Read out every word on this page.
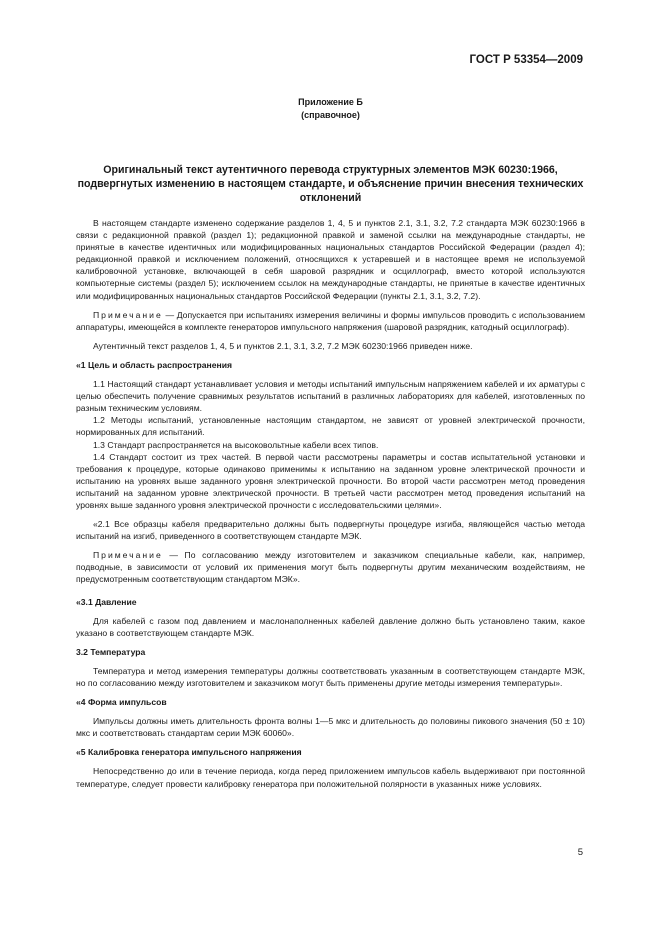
ГОСТ Р 53354—2009
Приложение Б
(справочное)
Оригинальный текст аутентичного перевода структурных элементов МЭК 60230:1966, подвергнутых изменению в настоящем стандарте, и объяснение причин внесения технических отклонений

В настоящем стандарте изменено содержание разделов 1, 4, 5 и пунктов 2.1, 3.1, 3.2, 7.2 стандарта МЭК 60230:1966 в связи с редакционной правкой (раздел 1); редакционной правкой и заменой ссылки на международные стандарты, не принятые в качестве идентичных или модифицированных национальных стандартов Российской Федерации (раздел 4); редакционной правкой и исключением положений, относящихся к устаревшей и в настоящее время не используемой калибровочной установке, включающей в себя шаровой разрядник и осциллограф, вместо которой используются компьютерные системы (раздел 5); исключением ссылок на международные стандарты, не принятые в качестве идентичных или модифицированных национальных стандартов Российской Федерации (пункты 2.1, 3.1, 3.2, 7.2).

Примечание — Допускается при испытаниях измерения величины и формы импульсов проводить с использованием аппаратуры, имеющейся в комплекте генераторов импульсного напряжения (шаровой разрядник, катодный осциллограф).

Аутентичный текст разделов 1, 4, 5 и пунктов 2.1, 3.1, 3.2, 7.2 МЭК 60230:1966 приведен ниже.

«1 Цель и область распространения

1.1 Настоящий стандарт устанавливает условия и методы испытаний импульсным напряжением кабелей и их арматуры с целью обеспечить получение сравнимых результатов испытаний в различных лабораториях для кабелей, изготовленных по разным техническим условиям.

1.2 Методы испытаний, установленные настоящим стандартом, не зависят от уровней электрической прочности, нормированных для испытаний.

1.3 Стандарт распространяется на высоковольтные кабели всех типов.

1.4 Стандарт состоит из трех частей. В первой части рассмотрены параметры и состав испытательной установки и требования к процедуре, которые одинаково применимы к испытанию на заданном уровне электрической прочности и испытанию на уровнях выше заданного уровня электрической прочности. Во второй части рассмотрен метод проведения испытаний на заданном уровне электрической прочности. В третьей части рассмотрен метод проведения испытаний на уровнях выше заданного уровня электрической прочности с исследовательскими целями».

«2.1 Все образцы кабеля предварительно должны быть подвергнуты процедуре изгиба, являющейся частью метода испытаний на изгиб, приведенного в соответствующем стандарте МЭК.

Примечание — По согласованию между изготовителем и заказчиком специальные кабели, как, например, подводные, в зависимости от условий их применения могут быть подвергнуты другим механическим воздействиям, не предусмотренным соответствующим стандартом МЭК».

«3.1 Давление

Для кабелей с газом под давлением и маслонаполненных кабелей давление должно быть установлено таким, какое указано в соответствующем стандарте МЭК.

3.2 Температура

Температура и метод измерения температуры должны соответствовать указанным в соответствующем стандарте МЭК, но по согласованию между изготовителем и заказчиком могут быть применены другие методы измерения температуры».

«4 Форма импульсов

Импульсы должны иметь длительность фронта волны 1—5 мкс и длительность до половины пикового значения (50 ± 10) мкс и соответствовать стандартам серии МЭК 60060».

«5 Калибровка генератора импульсного напряжения

Непосредственно до или в течение периода, когда перед приложением импульсов кабель выдерживают при постоянной температуре, следует провести калибровку генератора при положительной полярности в указанных ниже условиях.

5
